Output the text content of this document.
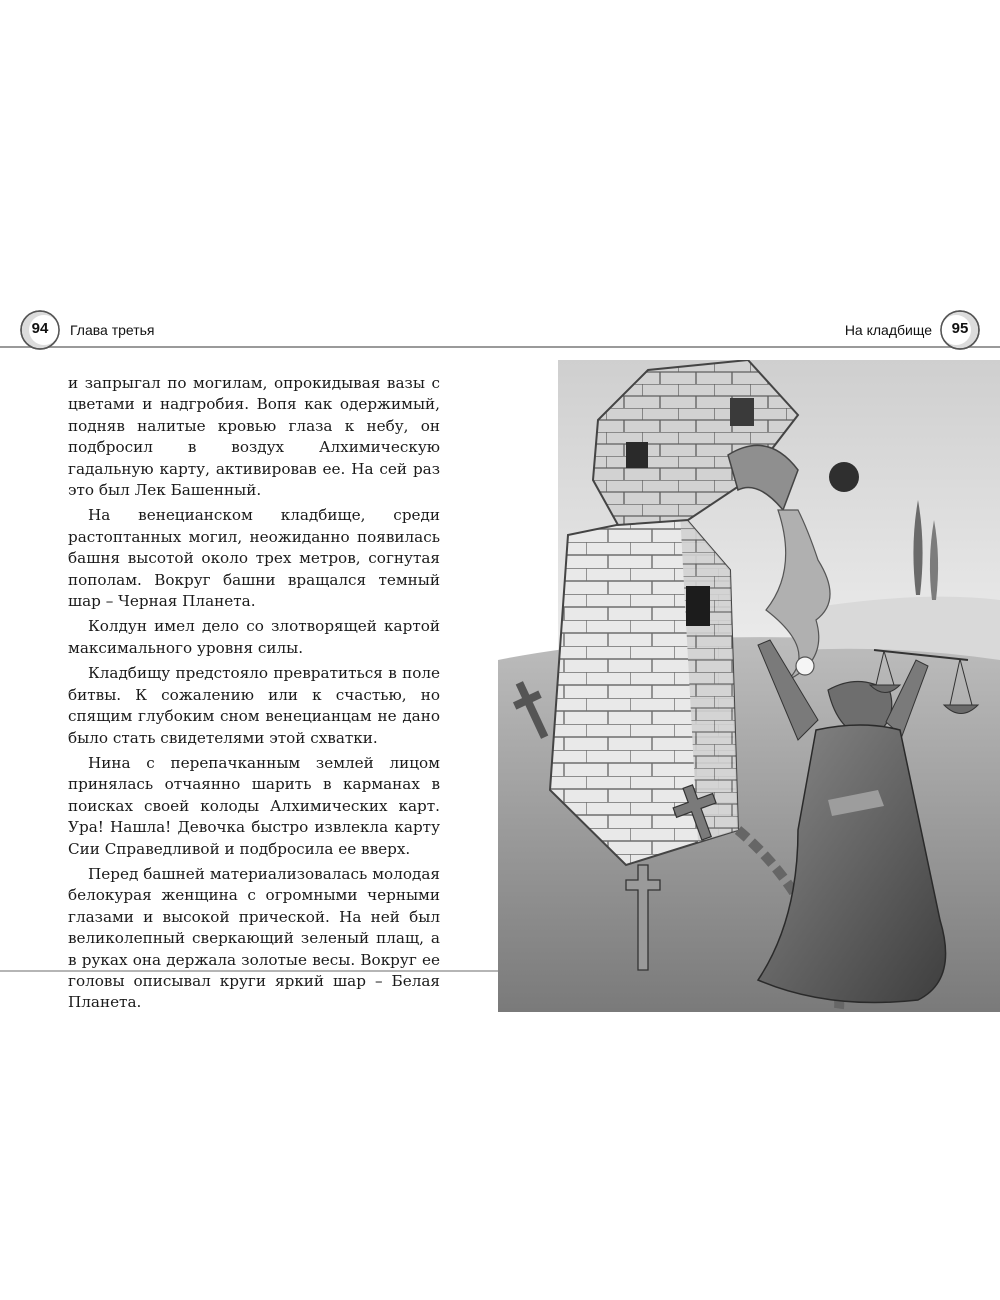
94	Глава третья	На кладбище	95

и запрыгал по могилам, опрокидывая вазы с цветами и надгробия. Вопя как одержимый, подняв налитые кровью глаза к небу, он подбросил в воздух Алхимическую гадальную карту, активировав ее. На сей раз это был Лек Башенный.

На венецианском кладбище, среди растоптанных могил, неожиданно появилась башня высотой около трех метров, согнутая пополам. Вокруг башни вращался темный шар – Черная Планета.

Колдун имел дело со злотворящей картой максимального уровня силы.

Кладбищу предстояло превратиться в поле битвы. К сожалению или к счастью, но спящим глубоким сном венецианцам не дано было стать свидетелями этой схватки.

Нина с перепачканным землей лицом принялась отчаянно шарить в карманах в поисках своей колоды Алхимических карт. Ура! Нашла! Девочка быстро извлекла карту Сии Справедливой и подбросила ее вверх.

Перед башней материализовалась молодая белокурая женщина с огромными черными глазами и высокой прической. На ней был великолепный сверкающий зеленый плащ, а в руках она держала золотые весы. Вокруг ее головы описывал круги яркий шар – Белая Планета.
